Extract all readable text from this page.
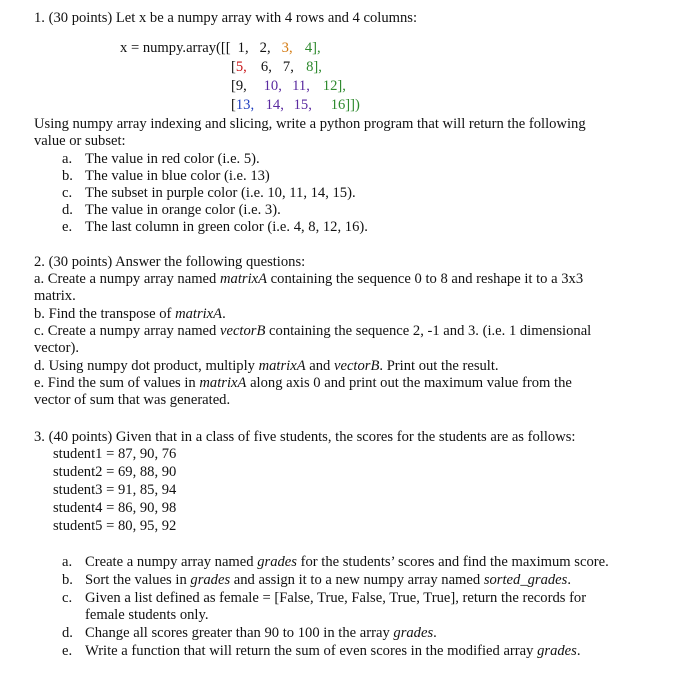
1. (30 points) Let x be a numpy array with 4 rows and 4 columns:
x = numpy.array([[ 1, 2, 3, 4],
[5, 6, 7, 8],
[9, 10, 11, 12],
[13, 14, 15, 16]])
Using numpy array indexing and slicing, write a python program that will return the following
value or subset:
a. The value in red color (i.e. 5).
b. The value in blue color (i.e. 13)
c. The subset in purple color (i.e. 10, 11, 14, 15).
d. The value in orange color (i.e. 3).
e. The last column in green color (i.e. 4, 8, 12, 16).
2. (30 points) Answer the following questions:
a. Create a numpy array named matrixA containing the sequence 0 to 8 and reshape it to a 3x3
matrix.
b. Find the transpose of matrixA.
c. Create a numpy array named vectorB containing the sequence 2, -1 and 3. (i.e. 1 dimensional
vector).
d. Using numpy dot product, multiply matrixA and vectorB. Print out the result.
e. Find the sum of values in matrixA along axis 0 and print out the maximum value from the
vector of sum that was generated.
3. (40 points) Given that in a class of five students, the scores for the students are as follows:
student1 = 87, 90, 76
student2 = 69, 88, 90
student3 = 91, 85, 94
student4 = 86, 90, 98
student5 = 80, 95, 92
a. Create a numpy array named grades for the students’ scores and find the maximum score.
b. Sort the values in grades and assign it to a new numpy array named sorted_grades.
c. Given a list defined as female = [False, True, False, True, True], return the records for
female students only.
d. Change all scores greater than 90 to 100 in the array grades.
e. Write a function that will return the sum of even scores in the modified array grades.
